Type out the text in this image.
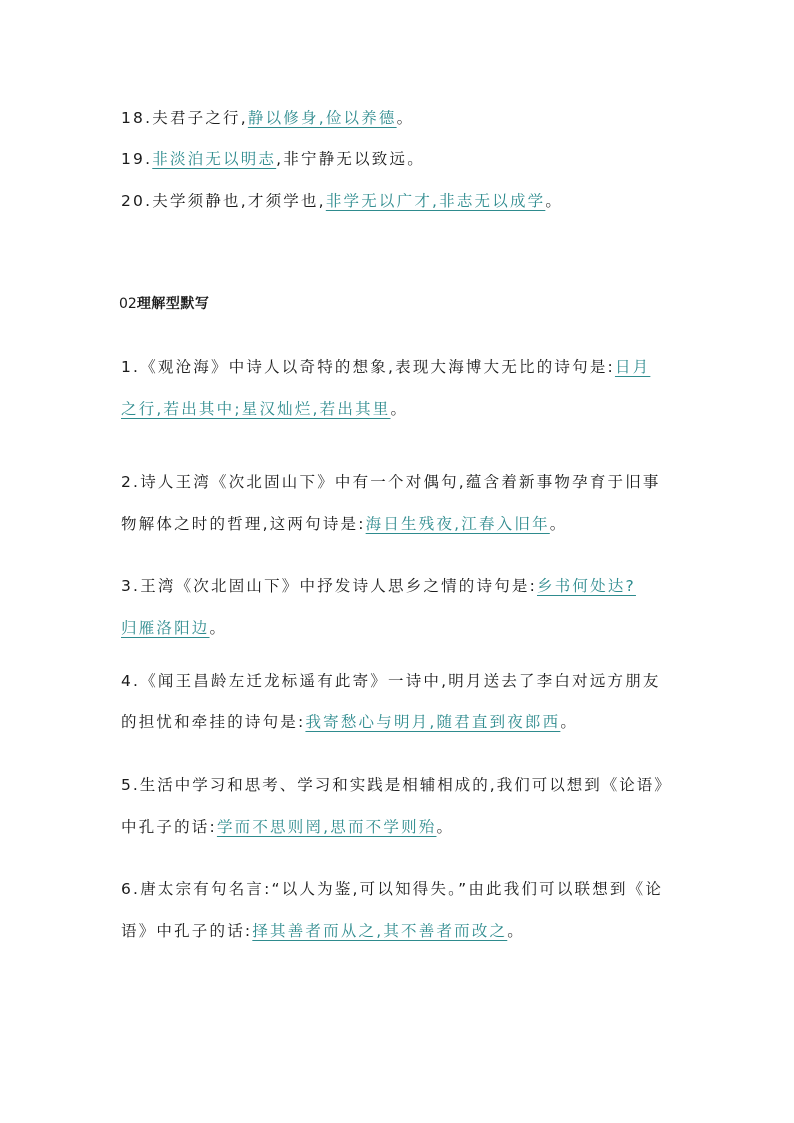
18.夫君子之行,静以修身,俭以养德。
19.非淡泊无以明志,非宁静无以致远。
20.夫学须静也,才须学也,非学无以广才,非志无以成学。
02理解型默写
1.《观沧海》中诗人以奇特的想象,表现大海博大无比的诗句是:日月
之行,若出其中;星汉灿烂,若出其里。
2.诗人王湾《次北固山下》中有一个对偶句,蕴含着新事物孕育于旧事
物解体之时的哲理,这两句诗是:海日生残夜,江春入旧年。
3.王湾《次北固山下》中抒发诗人思乡之情的诗句是:乡书何处达?
归雁洛阳边。
4.《闻王昌龄左迁龙标遥有此寄》一诗中,明月送去了李白对远方朋友
的担忧和牵挂的诗句是:我寄愁心与明月,随君直到夜郎西。
5.生活中学习和思考、学习和实践是相辅相成的,我们可以想到《论语》
中孔子的话:学而不思则罔,思而不学则殆。
6.唐太宗有句名言:“以人为鉴,可以知得失。”由此我们可以联想到《论
语》中孔子的话:择其善者而从之,其不善者而改之。
